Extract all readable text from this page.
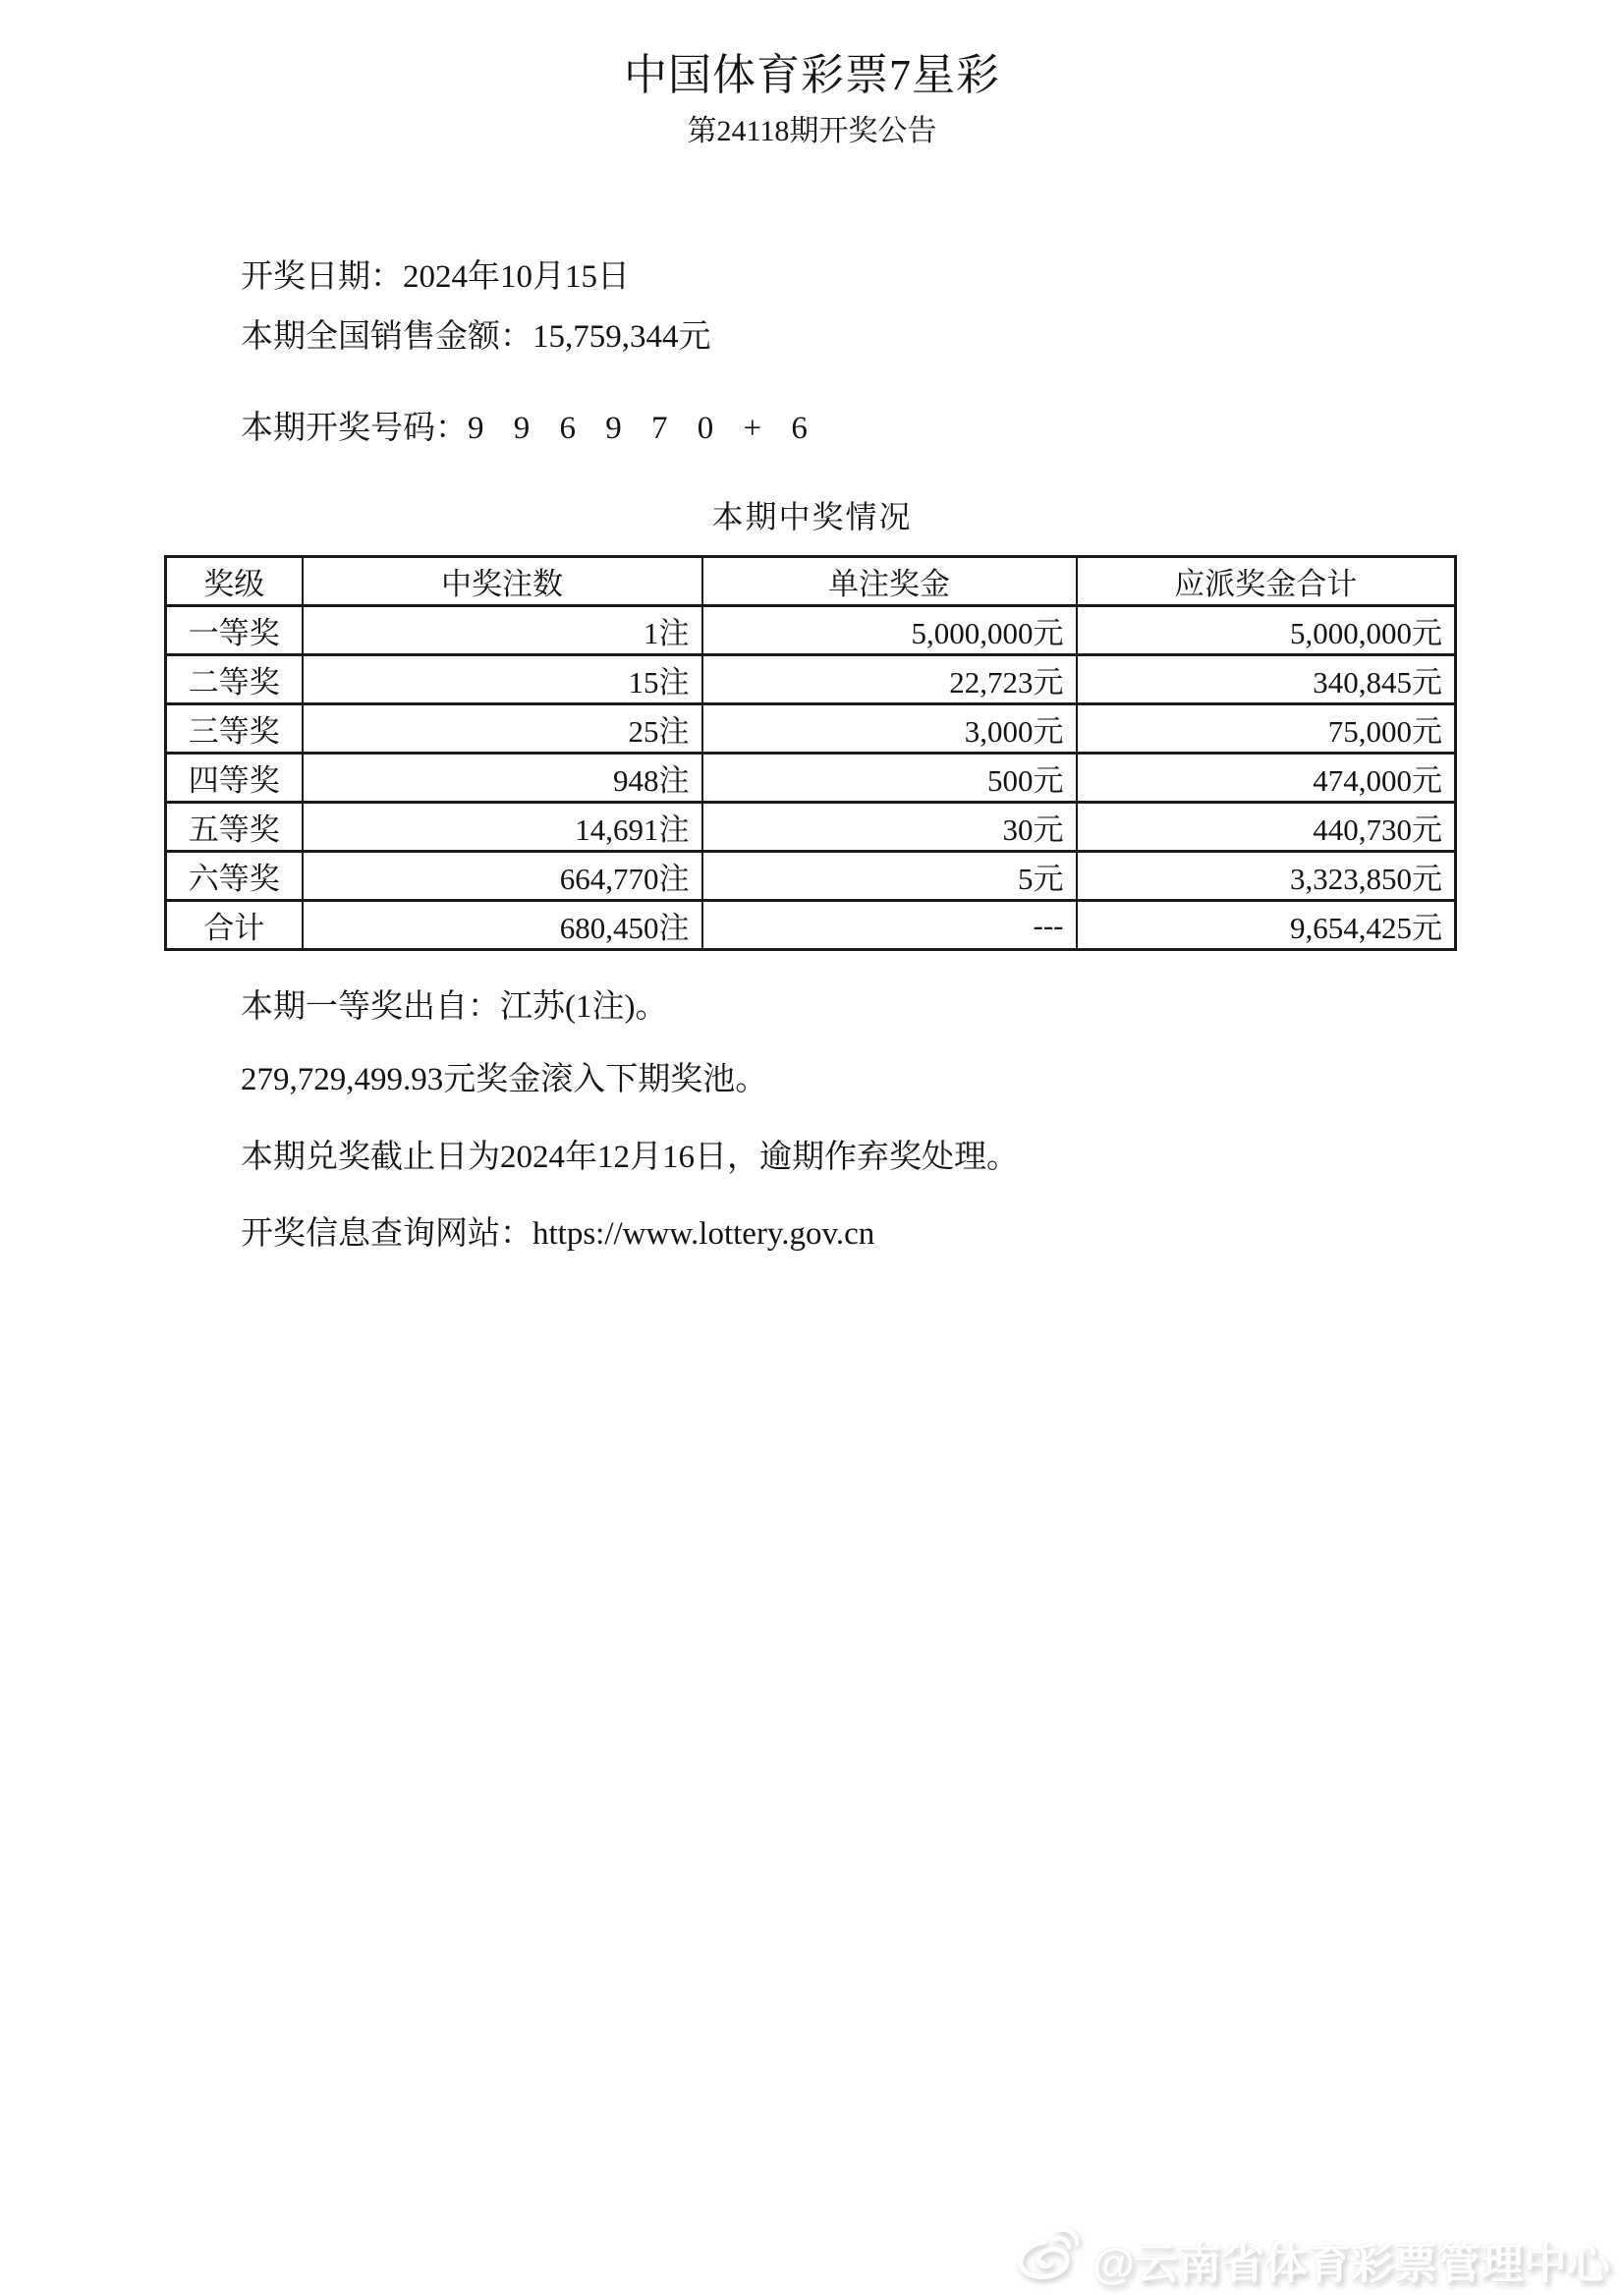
中国体育彩票7星彩
第24118期开奖公告
开奖日期：2024年10月15日
本期全国销售金额：15,759,344元
本期开奖号码：9 9 6 9 7 0 + 6
本期中奖情况
奖级	中奖注数	单注奖金	应派奖金合计
一等奖	1注	5,000,000元	5,000,000元
二等奖	15注	22,723元	340,845元
三等奖	25注	3,000元	75,000元
四等奖	948注	500元	474,000元
五等奖	14,691注	30元	440,730元
六等奖	664,770注	5元	3,323,850元
合计	680,450注	---	9,654,425元

本期一等奖出自：江苏(1注)。

279,729,499.93元奖金滚入下期奖池。

本期兑奖截止日为2024年12月16日，逾期作弃奖处理。

开奖信息查询网站：https://www.lottery.gov.cn

@云南省体育彩票管理中心
